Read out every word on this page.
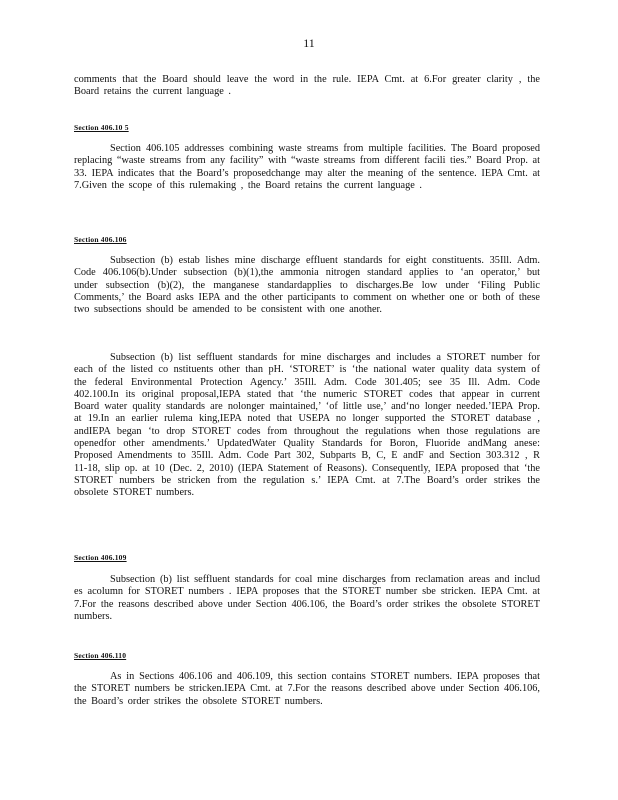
11

comments that the Board should leave the word in the rule. IEPA Cmt. at 6.For greater clarity , the Board retains the current language .

Section 406.10 5

Section 406.105 addresses combining waste streams from multiple facilities. The Board proposed replacing “waste streams from any facility” with “waste streams from different facili ties.” Board Prop. at 33. IEPA indicates that the Board’s proposedchange may alter the meaning of the sentence. IEPA Cmt. at 7.Given the scope of this rulemaking , the Board retains the current language .

Section 406.106

Subsection (b) estab lishes mine discharge effluent standards for eight constituents. 35Ill. Adm. Code 406.106(b).Under subsection (b)(1),the ammonia nitrogen standard applies to ‘an operator,’ but under subsection (b)(2), the manganese standardapplies to discharges.Be low under ‘Filing Public Comments,’ the Board asks IEPA and the other participants to comment on whether one or both of these two subsections should be amended to be consistent with one another.

Subsection (b) list seffluent standards for mine discharges and includes a STORET number for each of the listed co nstituents other than pH. ‘STORET’ is ‘the national water quality data system of the federal Environmental Protection Agency.’ 35Ill. Adm. Code 301.405; see 35 Ill. Adm. Code 402.100.In its original proposal,IEPA stated that ‘the numeric STORET codes that appear in current Board water quality standards are nolonger maintained,’ ‘of little use,’ and‘no longer needed.’IEPA Prop. at 19.In an earlier rulema king,IEPA noted that USEPA no longer supported the STORET database , andIEPA began ‘to drop STORET codes from throughout the regulations when those regulations are openedfor other amendments.’ UpdatedWater Quality Standards for Boron, Fluoride andMang anese: Proposed Amendments to 35Ill. Adm. Code Part 302, Subparts B, C, E andF and Section 303.312 , R 11-18, slip op. at 10 (Dec. 2, 2010) (IEPA Statement of Reasons). Consequently, IEPA proposed that ‘the STORET numbers be stricken from the regulation s.’ IEPA Cmt. at 7.The Board’s order strikes the obsolete STORET numbers.

Section 406.109

Subsection (b) list seffluent standards for coal mine discharges from reclamation areas and includ es acolumn for STORET numbers . IEPA proposes that the STORET number sbe stricken. IEPA Cmt. at 7.For the reasons described above under Section 406.106, the Board’s order strikes the obsolete STORET numbers.

Section 406.110

As in Sections 406.106 and 406.109, this section contains STORET numbers. IEPA proposes that the STORET numbers be stricken.IEPA Cmt. at 7.For the reasons described above under Section 406.106, the Board’s order strikes the obsolete STORET numbers.
